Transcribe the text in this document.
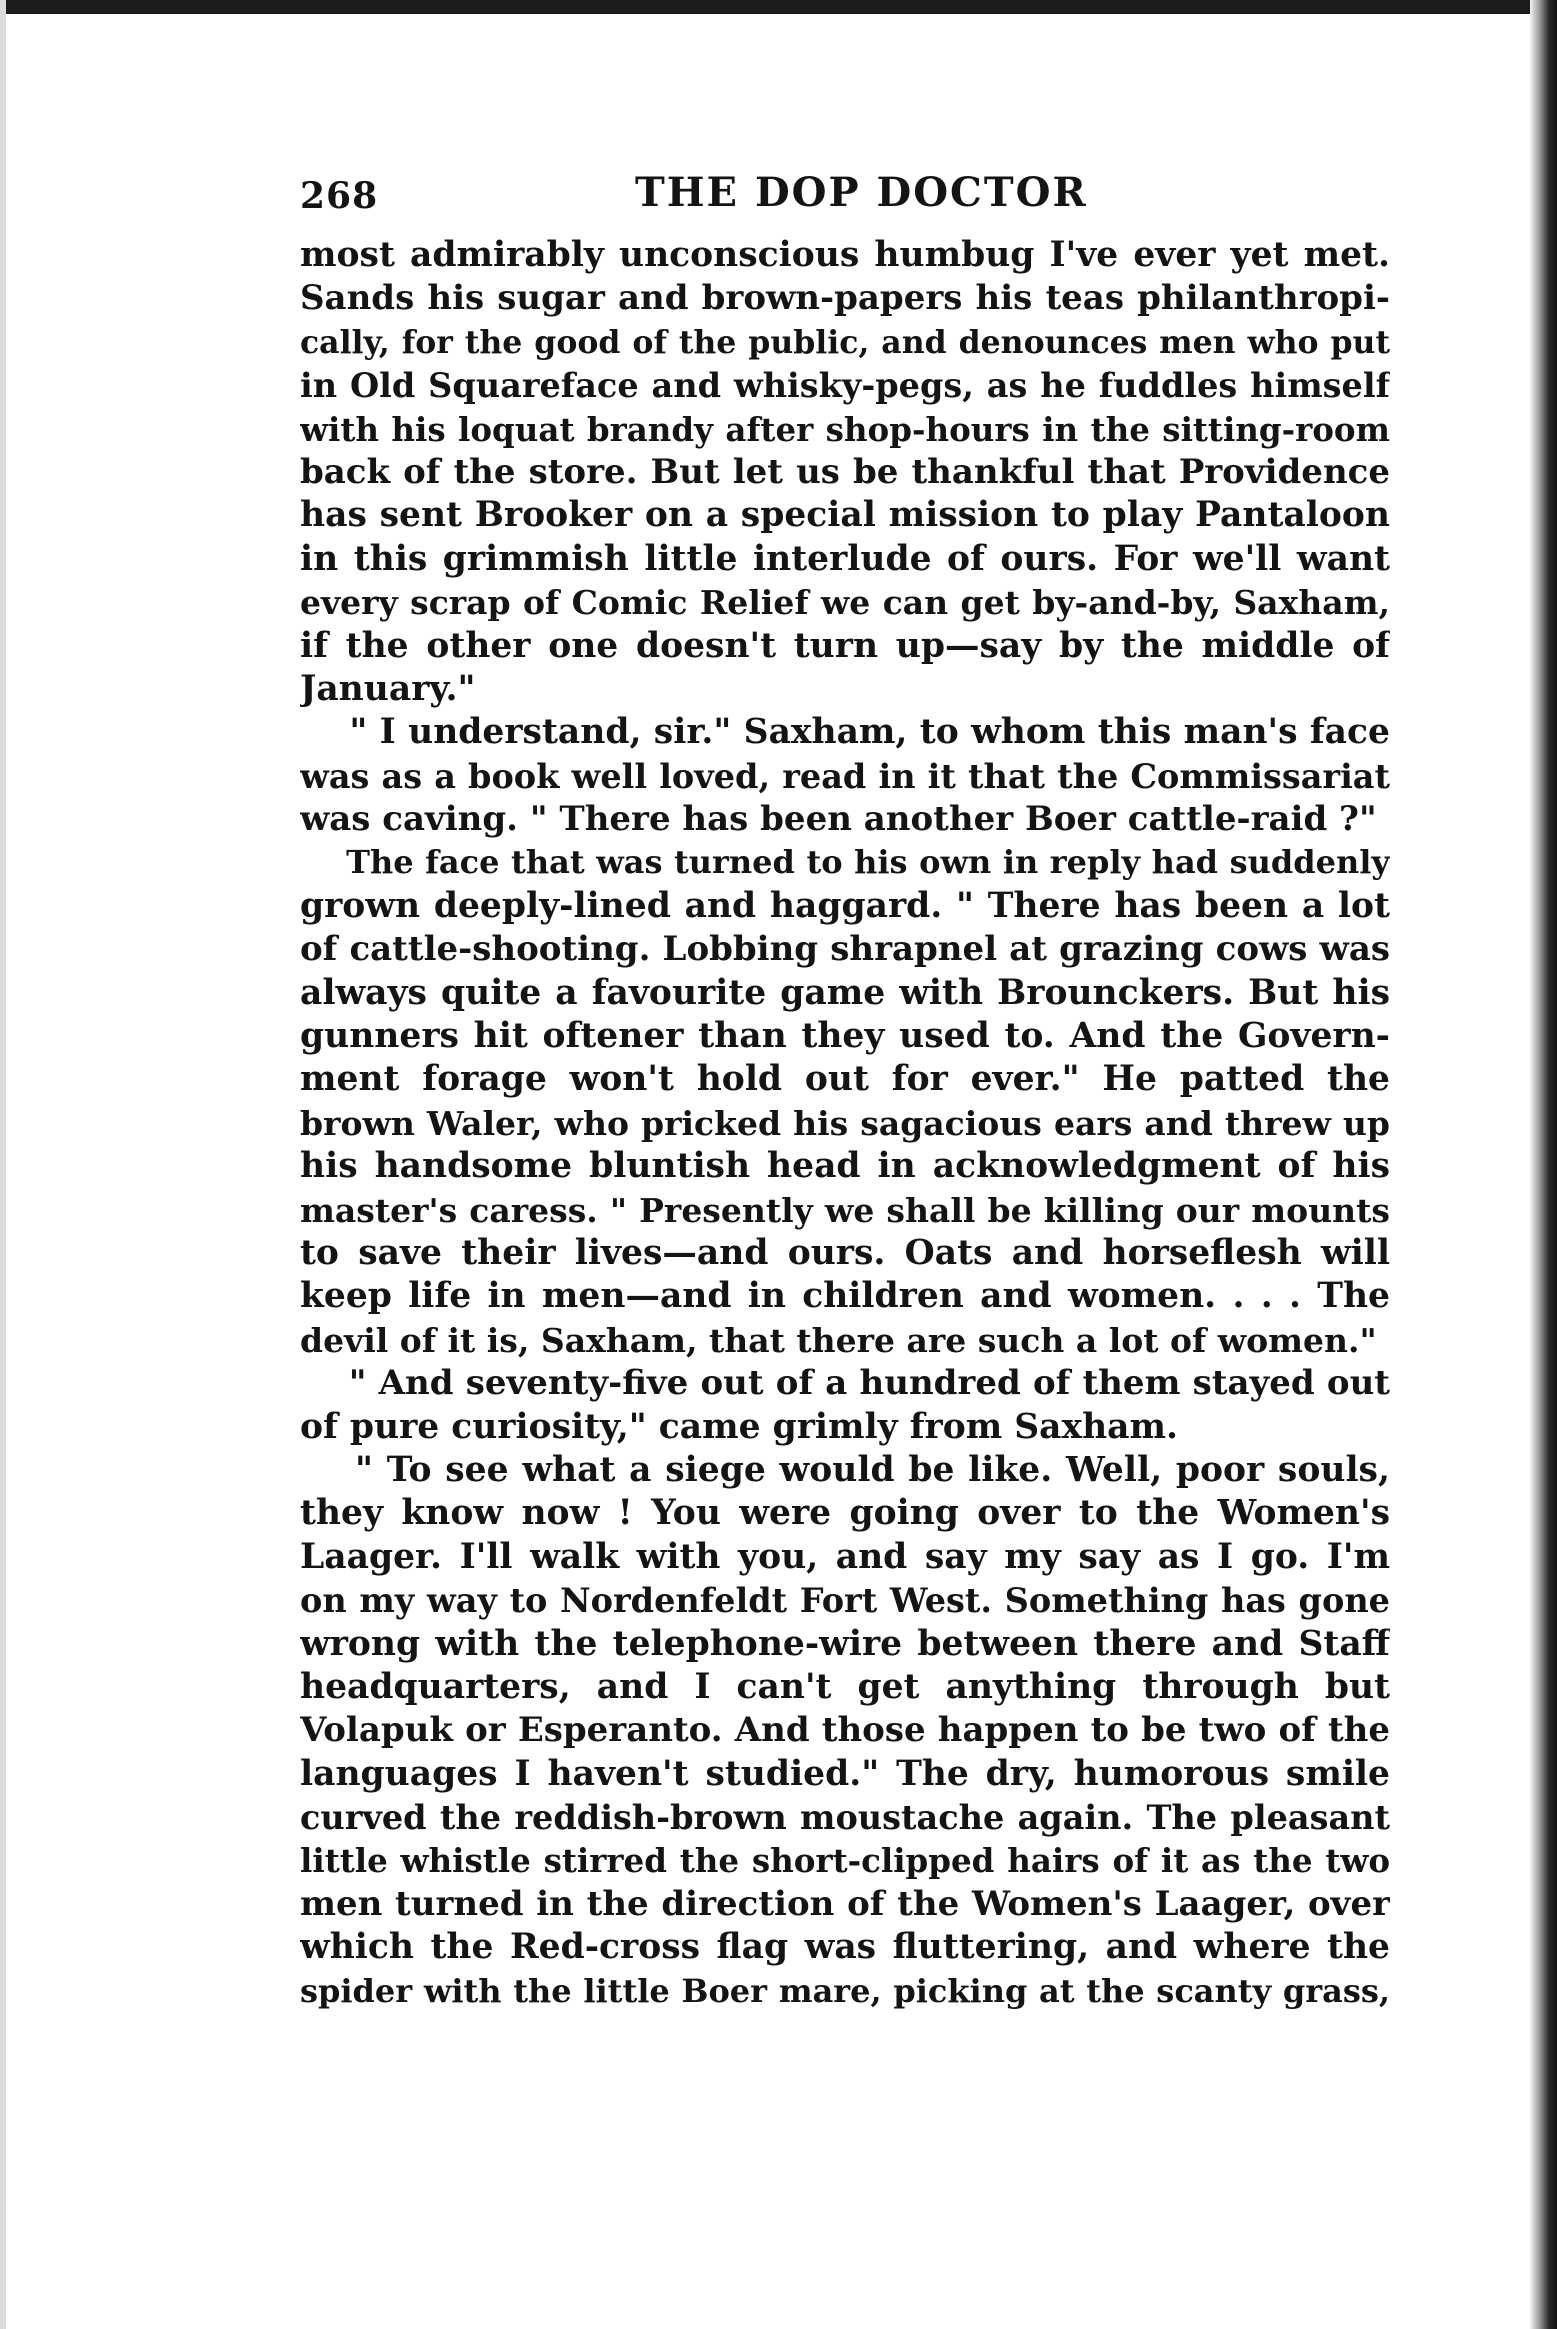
268	THE DOP DOCTOR
most admirably unconscious humbug I've ever yet met.
Sands his sugar and brown-papers his teas philanthropi-
cally, for the good of the public, and denounces men who put
in Old Squareface and whisky-pegs, as he fuddles himself
with his loquat brandy after shop-hours in the sitting-room
back of the store. But let us be thankful that Providence
has sent Brooker on a special mission to play Pantaloon
in this grimmish little interlude of ours. For we'll want
every scrap of Comic Relief we can get by-and-by, Saxham,
if the other one doesn't turn up—say by the middle of
January."
" I understand, sir." Saxham, to whom this man's face
was as a book well loved, read in it that the Commissariat
was caving. " There has been another Boer cattle-raid ?"
The face that was turned to his own in reply had suddenly
grown deeply-lined and haggard. " There has been a lot
of cattle-shooting. Lobbing shrapnel at grazing cows was
always quite a favourite game with Brounckers. But his
gunners hit oftener than they used to. And the Govern-
ment forage won't hold out for ever." He patted the
brown Waler, who pricked his sagacious ears and threw up
his handsome bluntish head in acknowledgment of his
master's caress. " Presently we shall be killing our mounts
to save their lives—and ours. Oats and horseflesh will
keep life in men—and in children and women. . . . The
devil of it is, Saxham, that there are such a lot of women."
" And seventy-five out of a hundred of them stayed out
of pure curiosity," came grimly from Saxham.
" To see what a siege would be like. Well, poor souls,
they know now ! You were going over to the Women's
Laager. I'll walk with you, and say my say as I go. I'm
on my way to Nordenfeldt Fort West. Something has gone
wrong with the telephone-wire between there and Staff
headquarters, and I can't get anything through but
Volapuk or Esperanto. And those happen to be two of the
languages I haven't studied." The dry, humorous smile
curved the reddish-brown moustache again. The pleasant
little whistle stirred the short-clipped hairs of it as the two
men turned in the direction of the Women's Laager, over
which the Red-cross flag was fluttering, and where the
spider with the little Boer mare, picking at the scanty grass,
